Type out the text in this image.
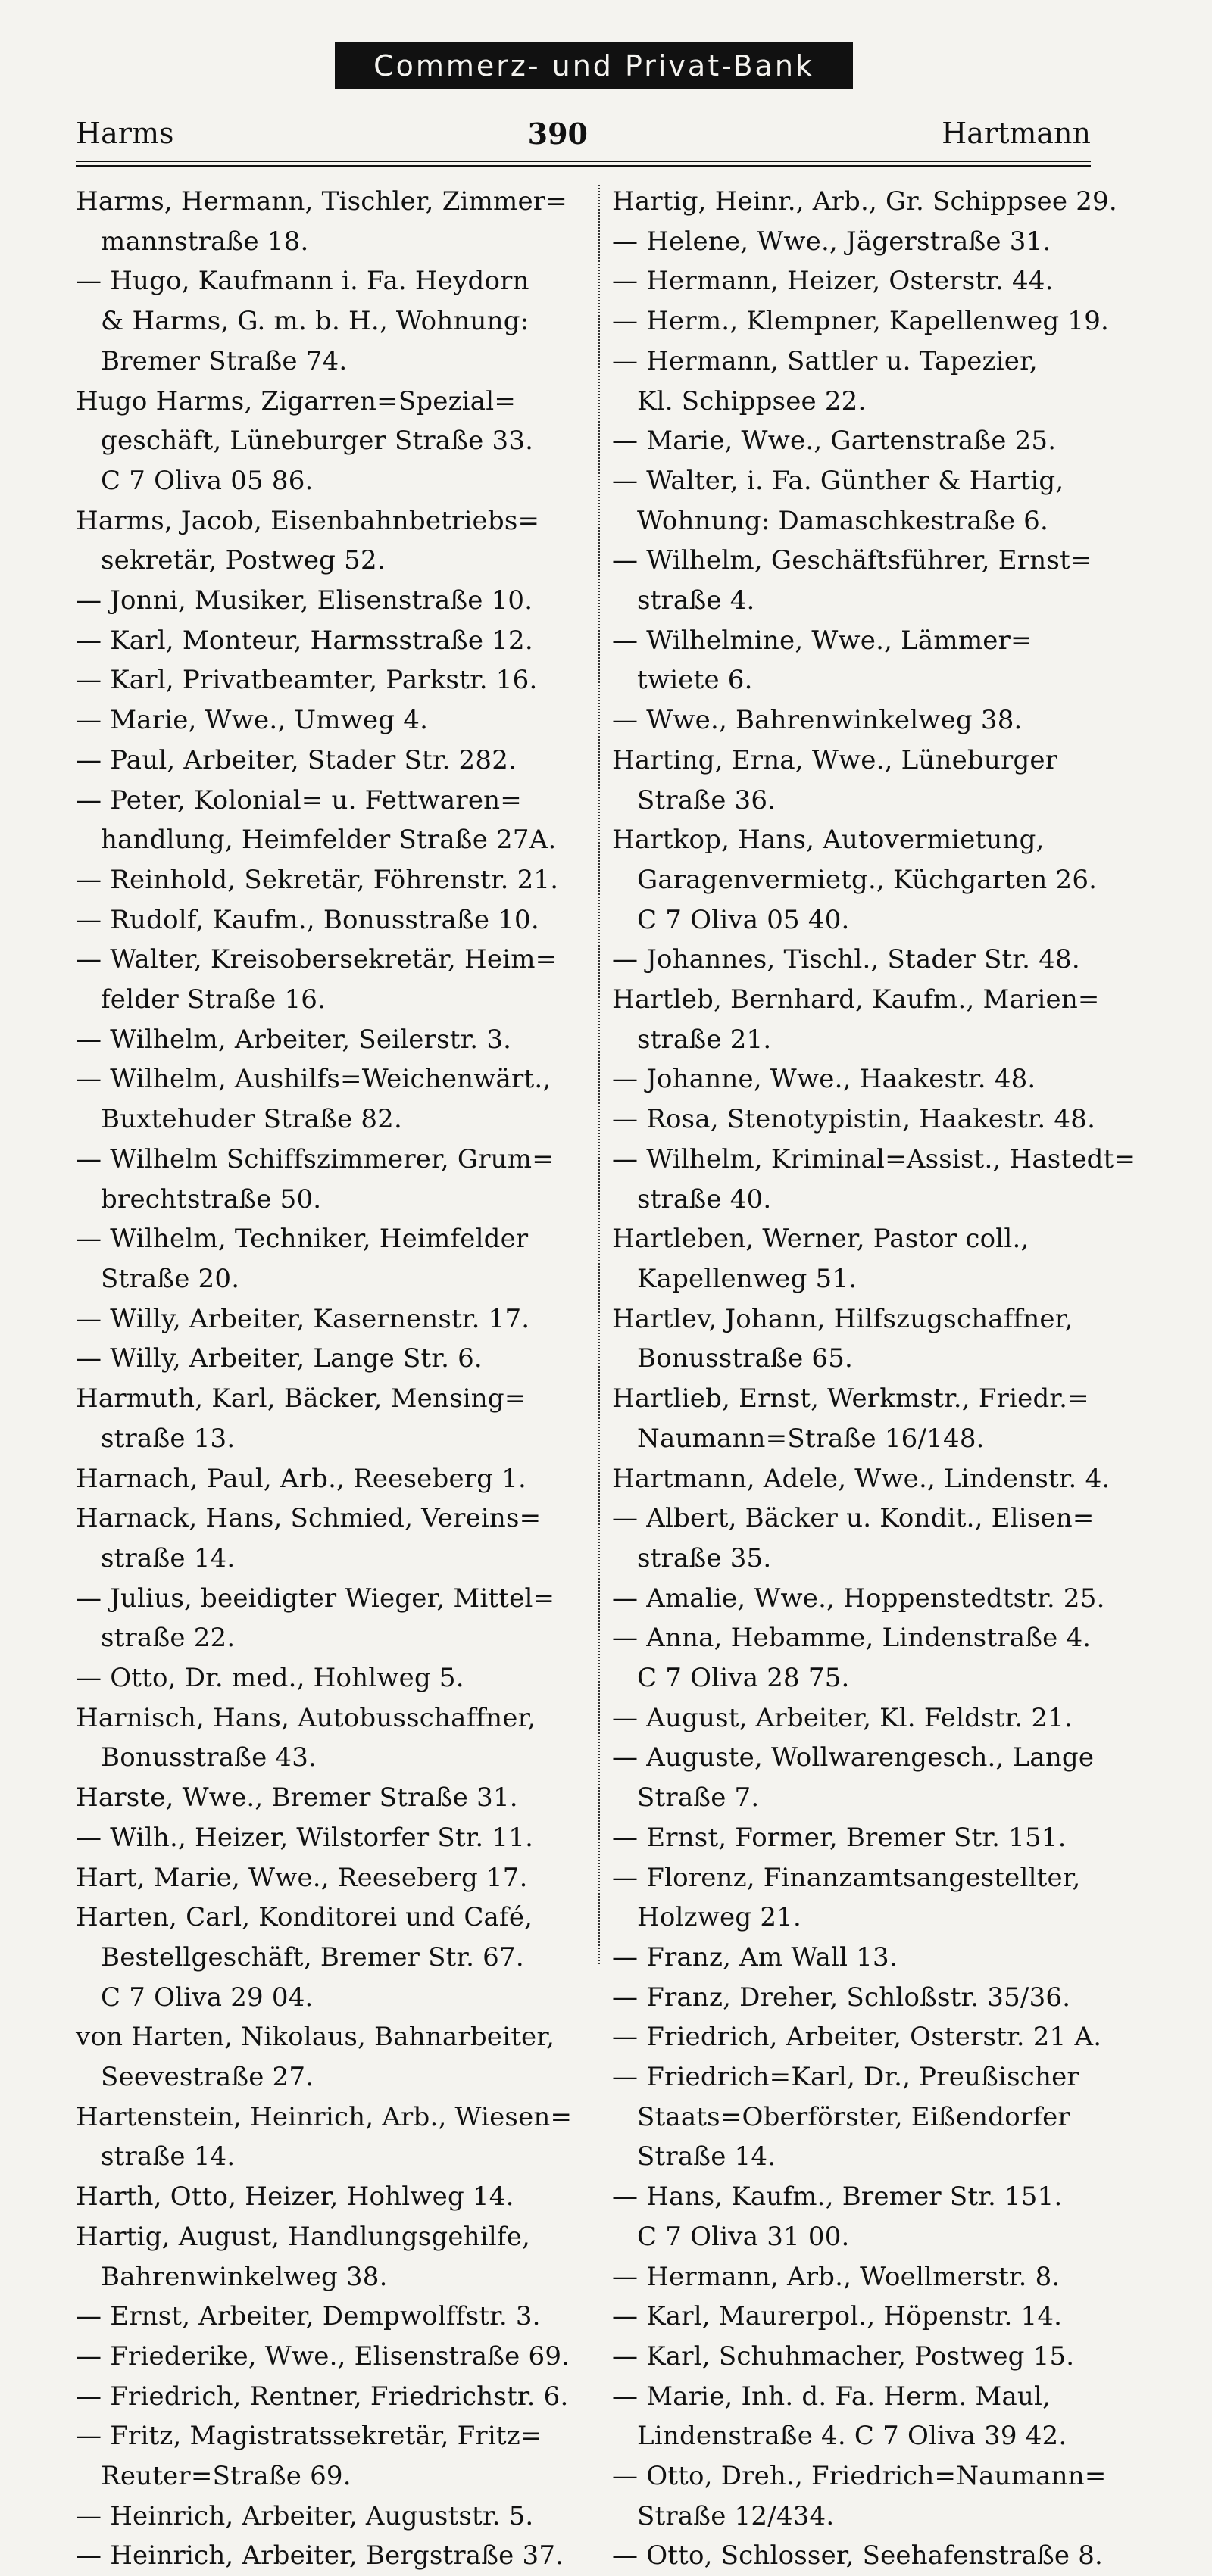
Commerz- und Privat-Bank
Harms	390	Hartmann
Harms, Hermann, Tischler, Zimmer=
mannstraße 18.
— Hugo, Kaufmann i. Fa. Heydorn
& Harms, G. m. b. H., Wohnung:
Bremer Straße 74.
Hugo Harms, Zigarren=Spezial=
geschäft, Lüneburger Straße 33.
C 7 Oliva 05 86.
Harms, Jacob, Eisenbahnbetriebs=
sekretär, Postweg 52.
— Jonni, Musiker, Elisenstraße 10.
— Karl, Monteur, Harmsstraße 12.
— Karl, Privatbeamter, Parkstr. 16.
— Marie, Wwe., Umweg 4.
— Paul, Arbeiter, Stader Str. 282.
— Peter, Kolonial= u. Fettwaren=
handlung, Heimfelder Straße 27A.
— Reinhold, Sekretär, Föhrenstr. 21.
— Rudolf, Kaufm., Bonusstraße 10.
— Walter, Kreisobersekretär, Heim=
felder Straße 16.
— Wilhelm, Arbeiter, Seilerstr. 3.
— Wilhelm, Aushilfs=Weichenwärt.,
Buxtehuder Straße 82.
— Wilhelm Schiffszimmerer, Grum=
brechtstraße 50.
— Wilhelm, Techniker, Heimfelder
Straße 20.
— Willy, Arbeiter, Kasernenstr. 17.
— Willy, Arbeiter, Lange Str. 6.
Harmuth, Karl, Bäcker, Mensing=
straße 13.
Harnach, Paul, Arb., Reeseberg 1.
Harnack, Hans, Schmied, Vereins=
straße 14.
— Julius, beeidigter Wieger, Mittel=
straße 22.
— Otto, Dr. med., Hohlweg 5.
Harnisch, Hans, Autobusschaffner,
Bonusstraße 43.
Harste, Wwe., Bremer Straße 31.
— Wilh., Heizer, Wilstorfer Str. 11.
Hart, Marie, Wwe., Reeseberg 17.
Harten, Carl, Konditorei und Café,
Bestellgeschäft, Bremer Str. 67.
C 7 Oliva 29 04.
von Harten, Nikolaus, Bahnarbeiter,
Seevestraße 27.
Hartenstein, Heinrich, Arb., Wiesen=
straße 14.
Harth, Otto, Heizer, Hohlweg 14.
Hartig, August, Handlungsgehilfe,
Bahrenwinkelweg 38.
— Ernst, Arbeiter, Dempwolffstr. 3.
— Friederike, Wwe., Elisenstraße 69.
— Friedrich, Rentner, Friedrichstr. 6.
— Fritz, Magistratssekretär, Fritz=
Reuter=Straße 69.
— Heinrich, Arbeiter, Auguststr. 5.
— Heinrich, Arbeiter, Bergstraße 37.
Hartig, Heinr., Arb., Gr. Schippsee 29.
— Helene, Wwe., Jägerstraße 31.
— Hermann, Heizer, Osterstr. 44.
— Herm., Klempner, Kapellenweg 19.
— Hermann, Sattler u. Tapezier,
Kl. Schippsee 22.
— Marie, Wwe., Gartenstraße 25.
— Walter, i. Fa. Günther & Hartig,
Wohnung: Damaschkestraße 6.
— Wilhelm, Geschäftsführer, Ernst=
straße 4.
— Wilhelmine, Wwe., Lämmer=
twiete 6.
— Wwe., Bahrenwinkelweg 38.
Harting, Erna, Wwe., Lüneburger
Straße 36.
Hartkop, Hans, Autovermietung,
Garagenvermietg., Küchgarten 26.
C 7 Oliva 05 40.
— Johannes, Tischl., Stader Str. 48.
Hartleb, Bernhard, Kaufm., Marien=
straße 21.
— Johanne, Wwe., Haakestr. 48.
— Rosa, Stenotypistin, Haakestr. 48.
— Wilhelm, Kriminal=Assist., Hastedt=
straße 40.
Hartleben, Werner, Pastor coll.,
Kapellenweg 51.
Hartlev, Johann, Hilfszugschaffner,
Bonusstraße 65.
Hartlieb, Ernst, Werkmstr., Friedr.=
Naumann=Straße 16/148.
Hartmann, Adele, Wwe., Lindenstr. 4.
— Albert, Bäcker u. Kondit., Elisen=
straße 35.
— Amalie, Wwe., Hoppenstedtstr. 25.
— Anna, Hebamme, Lindenstraße 4.
C 7 Oliva 28 75.
— August, Arbeiter, Kl. Feldstr. 21.
— Auguste, Wollwarengesch., Lange
Straße 7.
— Ernst, Former, Bremer Str. 151.
— Florenz, Finanzamtsangestellter,
Holzweg 21.
— Franz, Am Wall 13.
— Franz, Dreher, Schloßstr. 35/36.
— Friedrich, Arbeiter, Osterstr. 21 A.
— Friedrich=Karl, Dr., Preußischer
Staats=Oberförster, Eißendorfer
Straße 14.
— Hans, Kaufm., Bremer Str. 151.
C 7 Oliva 31 00.
— Hermann, Arb., Woellmerstr. 8.
— Karl, Maurerpol., Höpenstr. 14.
— Karl, Schuhmacher, Postweg 15.
— Marie, Inh. d. Fa. Herm. Maul,
Lindenstraße 4. C 7 Oliva 39 42.
— Otto, Dreh., Friedrich=Naumann=
Straße 12/434.
— Otto, Schlosser, Seehafenstraße 8.
